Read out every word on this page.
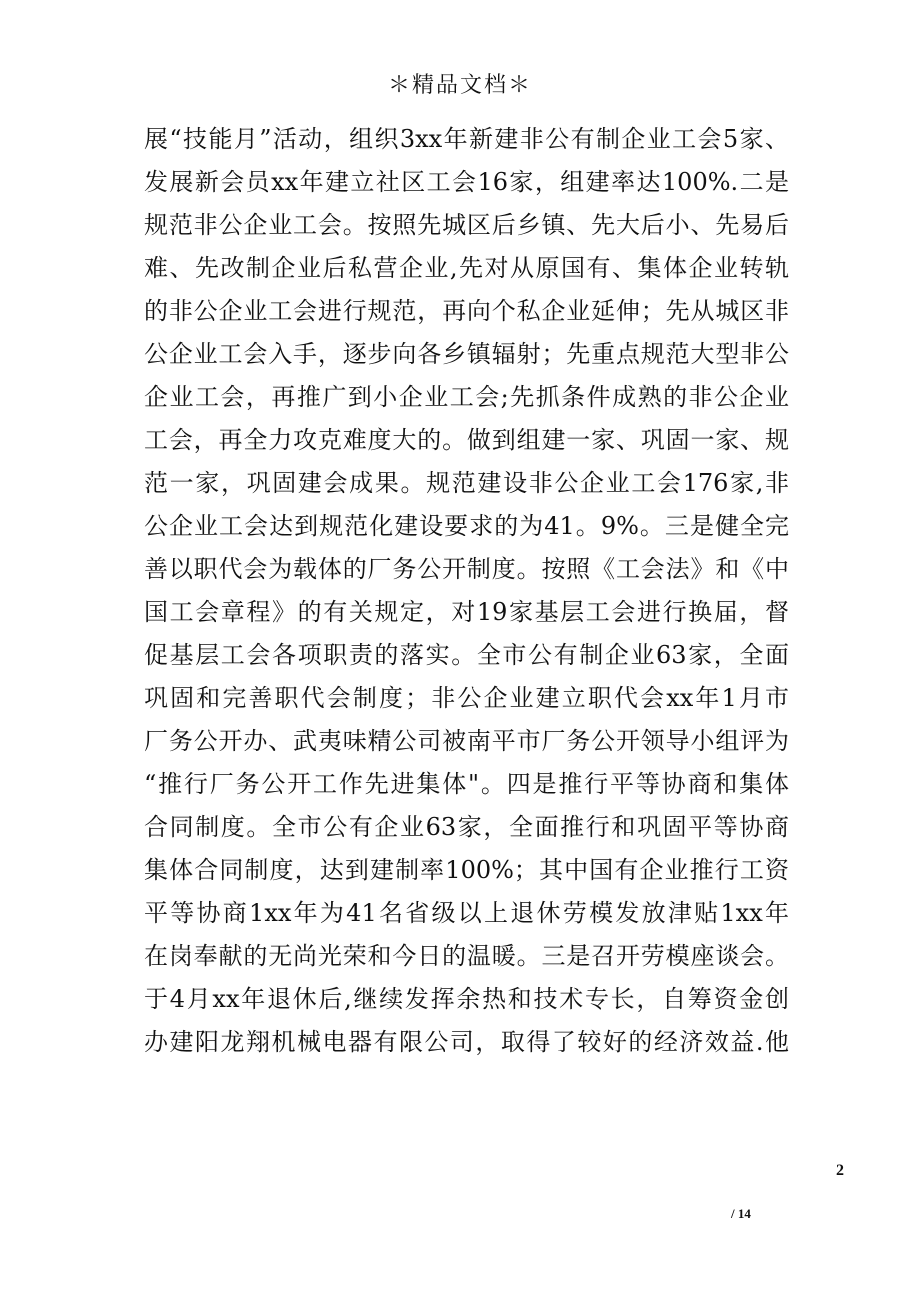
＊精品文档＊
展“技能月”活动，组织3xx年新建非公有制企业工会5家、
发展新会员xx年建立社区工会16家，组建率达100%.二是
规范非公企业工会。按照先城区后乡镇、先大后小、先易后
难、先改制企业后私营企业,先对从原国有、集体企业转轨
的非公企业工会进行规范，再向个私企业延伸；先从城区非
公企业工会入手，逐步向各乡镇辐射；先重点规范大型非公
企业工会，再推广到小企业工会;先抓条件成熟的非公企业
工会，再全力攻克难度大的。做到组建一家、巩固一家、规
范一家，巩固建会成果。规范建设非公企业工会176家,非
公企业工会达到规范化建设要求的为41。9%。三是健全完
善以职代会为载体的厂务公开制度。按照《工会法》和《中
国工会章程》的有关规定，对19家基层工会进行换届，督
促基层工会各项职责的落实。全市公有制企业63家，全面
巩固和完善职代会制度；非公企业建立职代会xx年1月市
厂务公开办、武夷味精公司被南平市厂务公开领导小组评为
“推行厂务公开工作先进集体"。四是推行平等协商和集体
合同制度。全市公有企业63家，全面推行和巩固平等协商
集体合同制度，达到建制率100%；其中国有企业推行工资
平等协商1xx年为41名省级以上退休劳模发放津贴1xx年
在岗奉献的无尚光荣和今日的温暖。三是召开劳模座谈会。
于4月xx年退休后,继续发挥余热和技术专长，自筹资金创
办建阳龙翔机械电器有限公司，取得了较好的经济效益.他
2
/ 14
